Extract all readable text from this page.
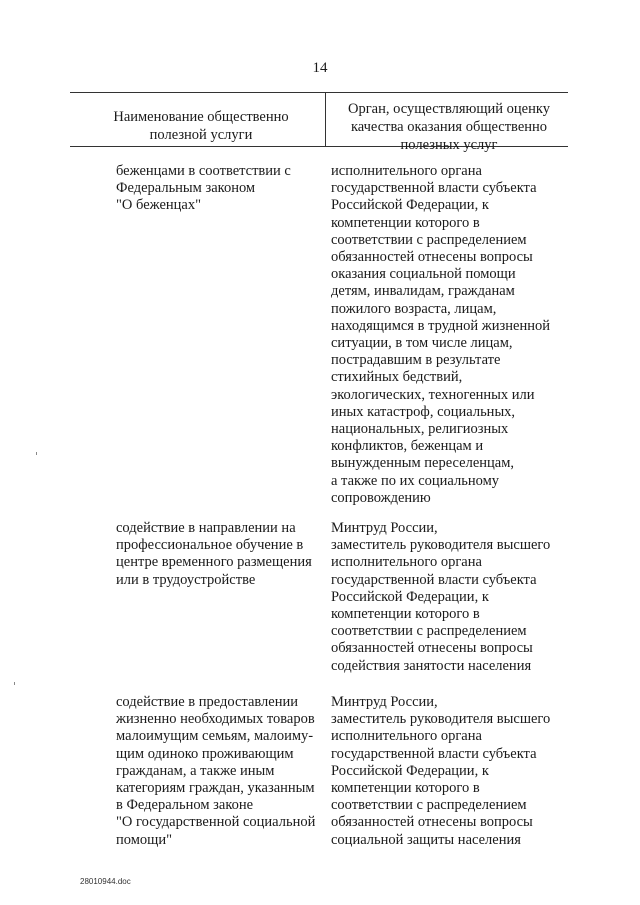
14
Наименование общественно
полезной услуги
Орган, осуществляющий оценку
качества оказания общественно
полезных услуг
беженцами в соответствии с
Федеральным законом
"О беженцах"
исполнительного органа
государственной власти субъекта
Российской Федерации, к
компетенции которого в
соответствии с распределением
обязанностей отнесены вопросы
оказания социальной помощи
детям, инвалидам, гражданам
пожилого возраста, лицам,
находящимся в трудной жизненной
ситуации, в том числе лицам,
пострадавшим в результате
стихийных бедствий,
экологических, техногенных или
иных катастроф, социальных,
национальных, религиозных
конфликтов, беженцам и
вынужденным переселенцам,
а также по их социальному
сопровождению
содействие в направлении на
профессиональное обучение в
центре временного размещения
или в трудоустройстве
Минтруд России,
заместитель руководителя высшего
исполнительного органа
государственной власти субъекта
Российской Федерации, к
компетенции которого в
соответствии с распределением
обязанностей отнесены вопросы
содействия занятости населения
содействие в предоставлении
жизненно необходимых товаров
малоимущим семьям, малоиму-
щим одиноко проживающим
гражданам, а также иным
категориям граждан, указанным
в Федеральном законе
"О государственной социальной
помощи"
Минтруд России,
заместитель руководителя высшего
исполнительного органа
государственной власти субъекта
Российской Федерации, к
компетенции которого в
соответствии с распределением
обязанностей отнесены вопросы
социальной защиты населения
28010944.doc
